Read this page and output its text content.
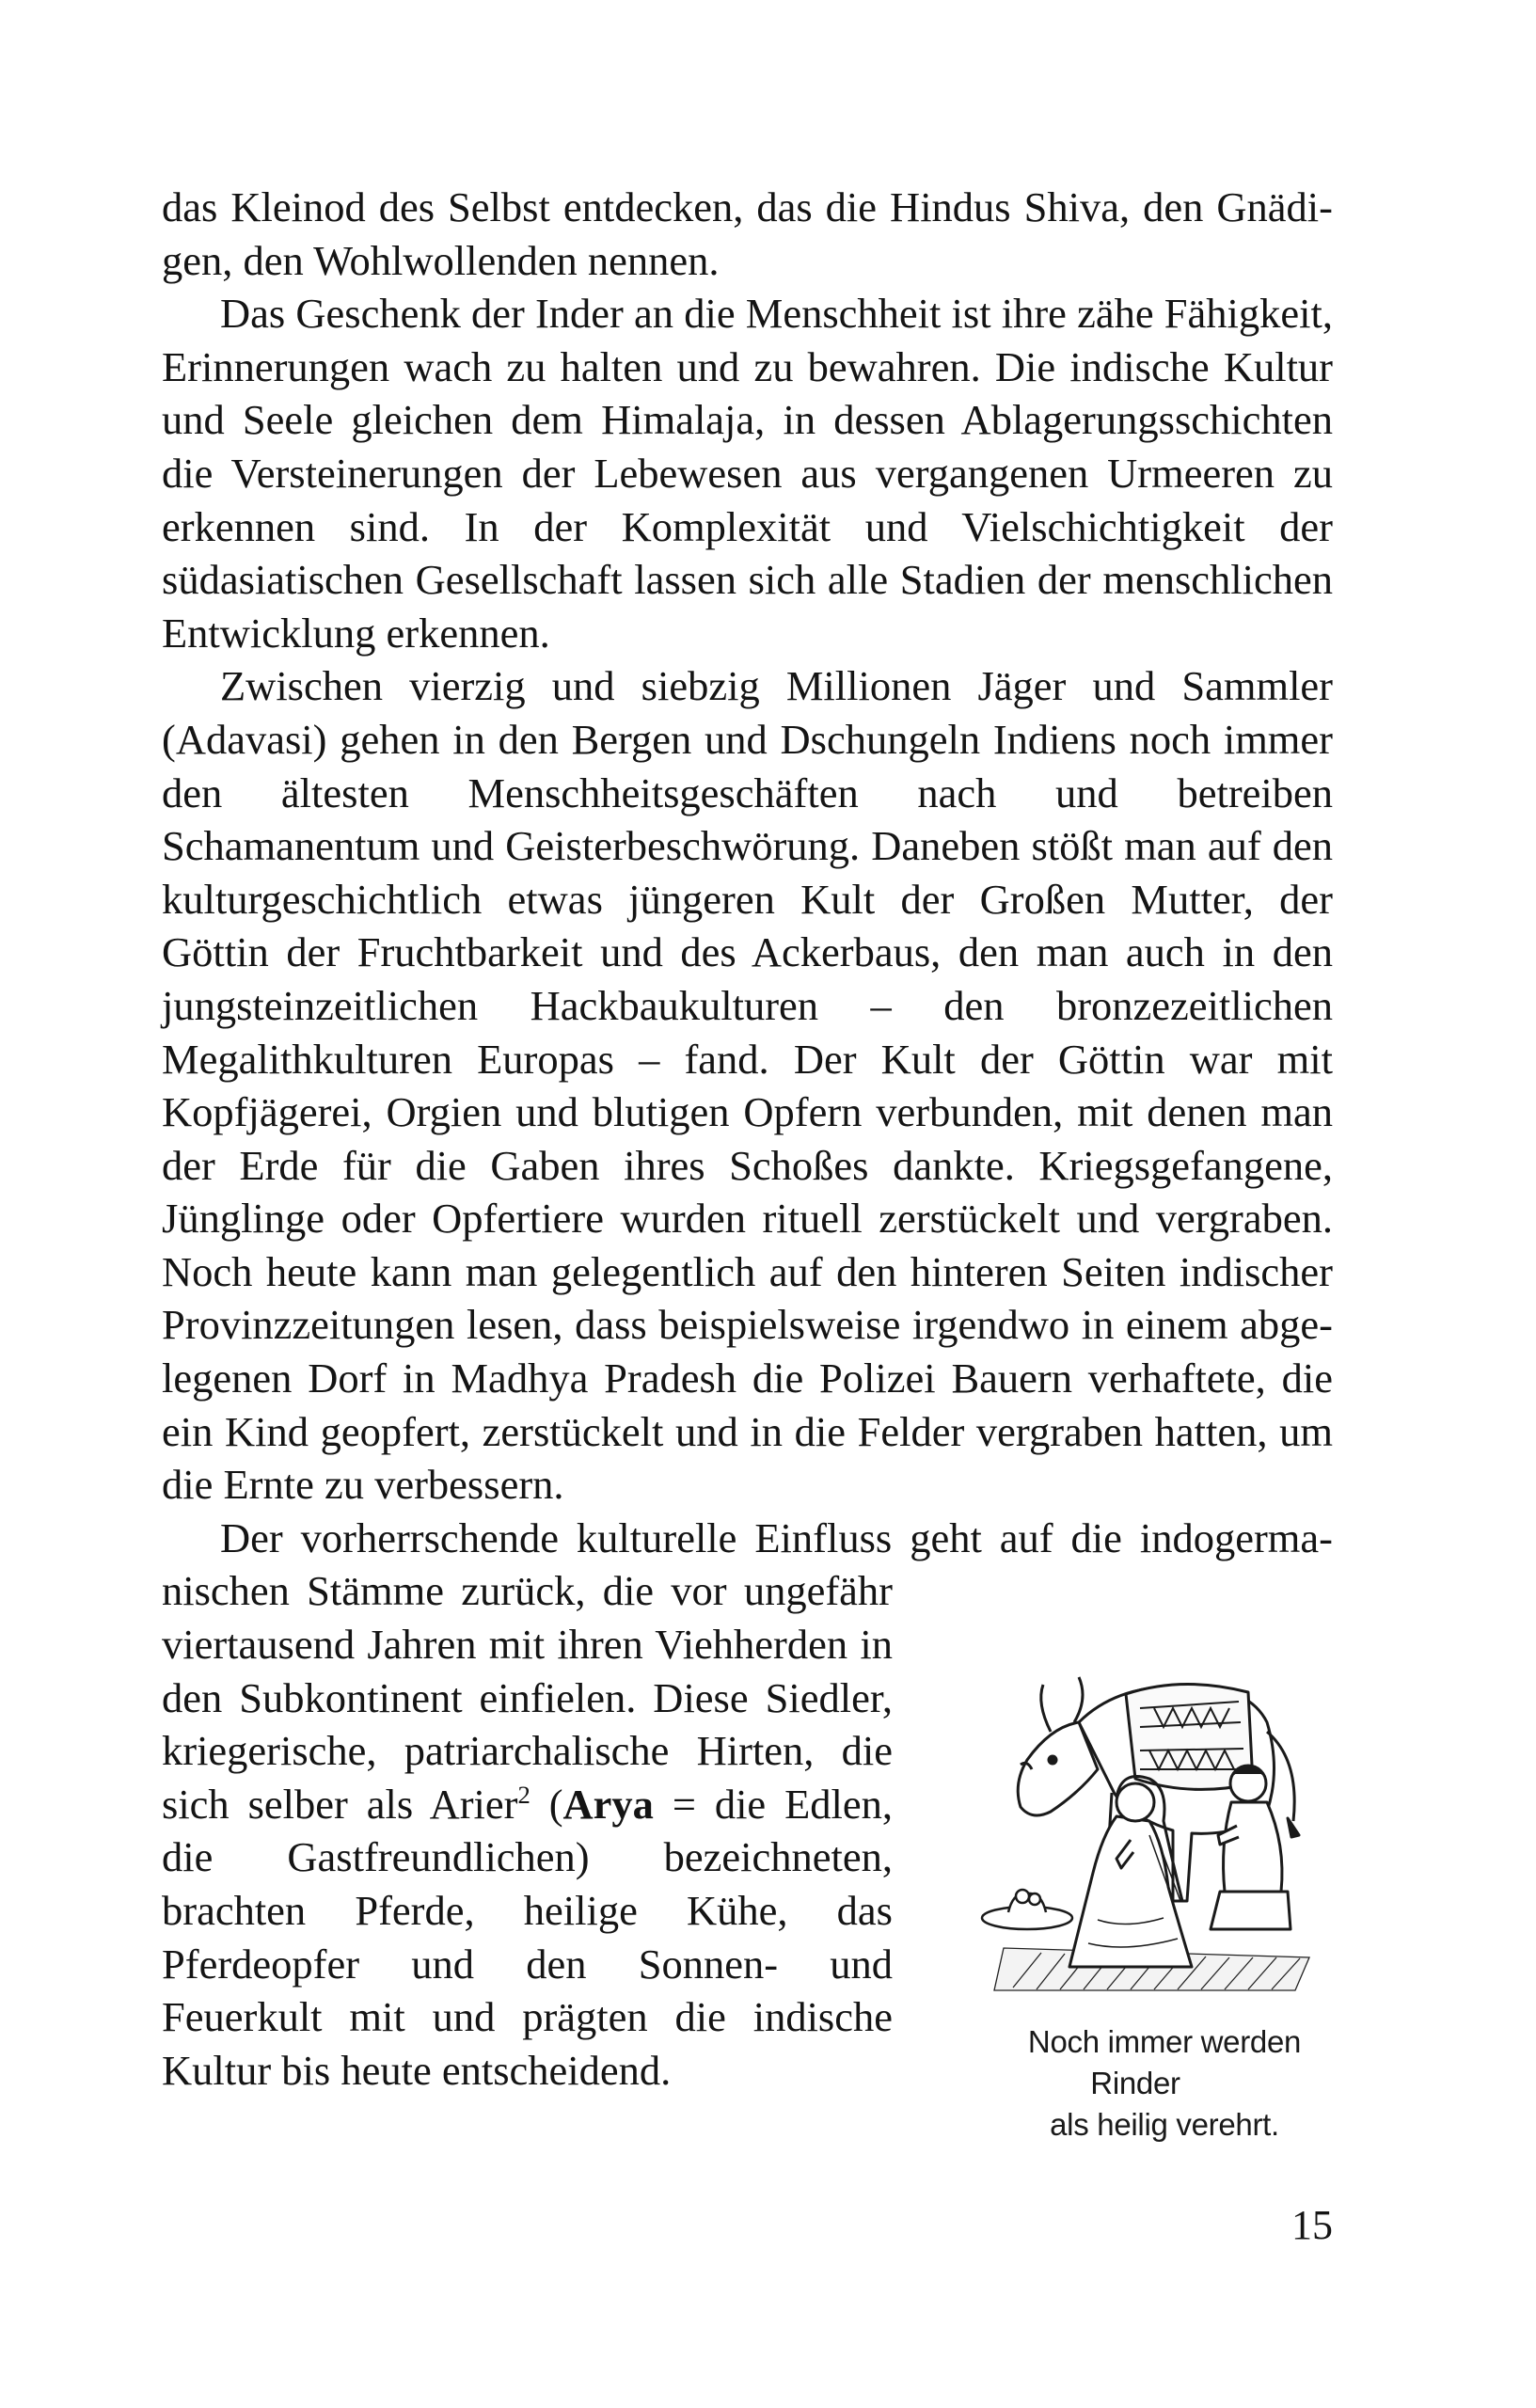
das Kleinod des Selbst entdecken, das die Hindus Shiva, den Gnädigen, den Wohlwollenden nennen.

Das Geschenk der Inder an die Menschheit ist ihre zähe Fähigkeit, Erinnerungen wach zu halten und zu bewahren. Die indische Kultur und Seele gleichen dem Himalaja, in dessen Ablagerungsschichten die Versteinerungen der Lebewesen aus vergangenen Urmeeren zu erkennen sind. In der Komplexität und Vielschichtigkeit der südasiatischen Gesellschaft lassen sich alle Stadien der menschlichen Entwicklung erkennen.

Zwischen vierzig und siebzig Millionen Jäger und Sammler (Adavasi) gehen in den Bergen und Dschungeln Indiens noch immer den ältesten Menschheitsgeschäften nach und betreiben Schamanentum und Geisterbeschwörung. Daneben stößt man auf den kulturgeschichtlich etwas jüngeren Kult der Großen Mutter, der Göttin der Fruchtbarkeit und des Ackerbaus, den man auch in den jungsteinzeitlichen Hackbaukulturen – den bronzezeitlichen Megalithkulturen Europas – fand. Der Kult der Göttin war mit Kopfjägerei, Orgien und blutigen Opfern verbunden, mit denen man der Erde für die Gaben ihres Schoßes dankte. Kriegsgefangene, Jünglinge oder Opfertiere wurden rituell zerstückelt und vergraben. Noch heute kann man gelegentlich auf den hinteren Seiten indischer Provinzzeitungen lesen, dass beispielsweise irgendwo in einem abgelegenen Dorf in Madhya Pradesh die Polizei Bauern verhaftete, die ein Kind geopfert, zerstückelt und in die Felder vergraben hatten, um die Ernte zu verbessern.

Der vorherrschende kulturelle Einfluss geht auf die indogermanischen Stämme zurück, die vor
Noch immer werden Rinder
als heilig verehrt.
ungefähr viertausend Jahren mit ihren Viehherden in den Subkontinent einfielen. Diese Siedler, kriegerische, patriarchalische Hirten, die sich selber als Arier$^2$ (Arya = die Edlen, die Gastfreundlichen) bezeichneten, brachten Pferde, heilige Kühe, das Pferdeopfer und den Sonnen- und Feuerkult mit und prägten die indische Kultur bis heute entscheidend.

15
